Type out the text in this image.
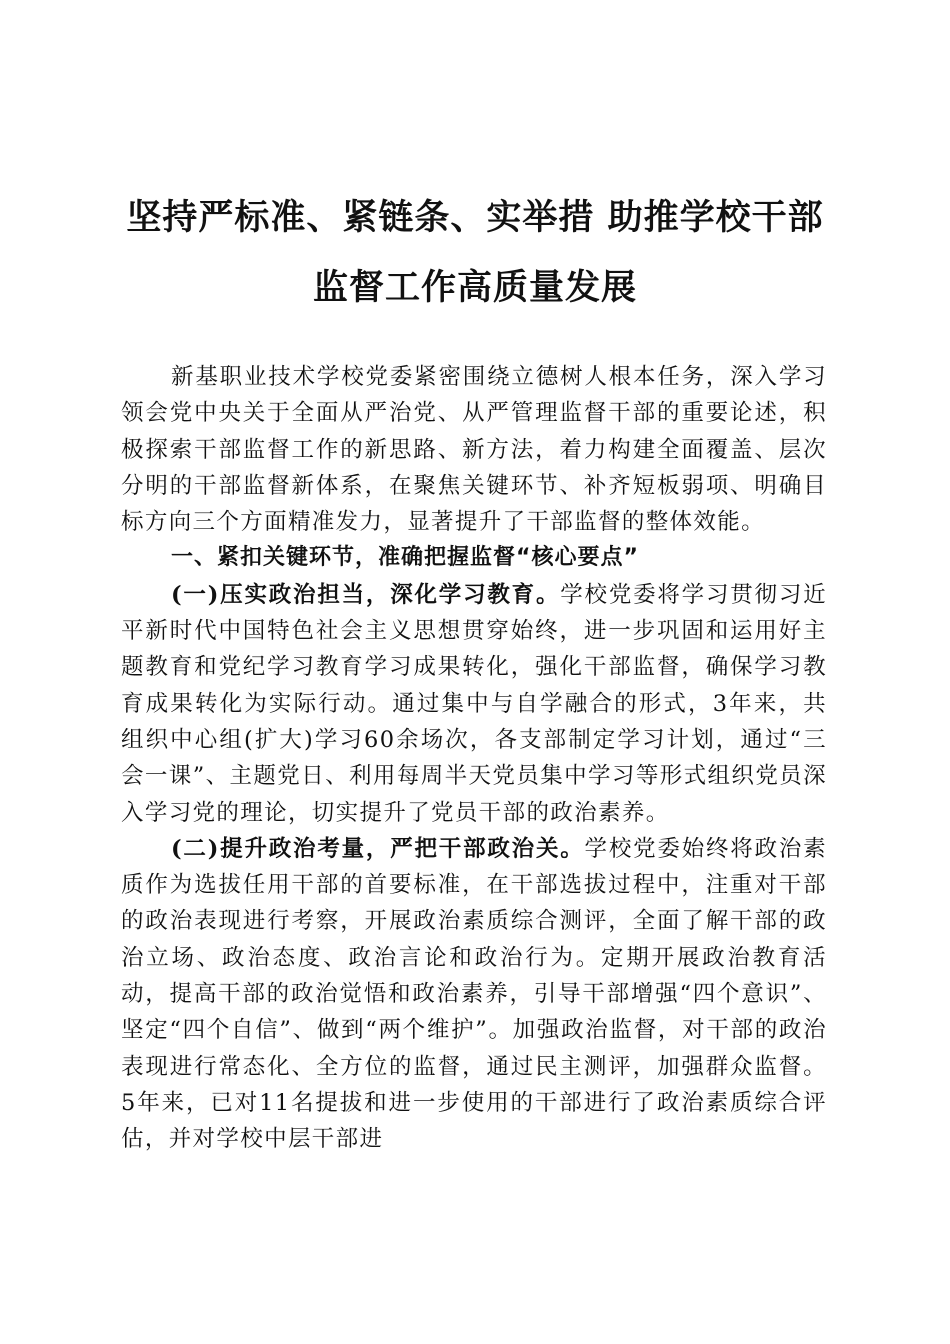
坚持严标准、紧链条、实举措 助推学校干部
监督工作高质量发展

新基职业技术学校党委紧密围绕立德树人根本任务，深入学习领会党中央关于全面从严治党、从严管理监督干部的重要论述，积极探索干部监督工作的新思路、新方法，着力构建全面覆盖、层次分明的干部监督新体系，在聚焦关键环节、补齐短板弱项、明确目标方向三个方面精准发力，显著提升了干部监督的整体效能。

一、紧扣关键环节，准确把握监督“核心要点”

(一)压实政治担当，深化学习教育。学校党委将学习贯彻习近平新时代中国特色社会主义思想贯穿始终，进一步巩固和运用好主题教育和党纪学习教育学习成果转化，强化干部监督，确保学习教育成果转化为实际行动。通过集中与自学融合的形式，3年来，共组织中心组(扩大)学习60余场次，各支部制定学习计划，通过“三会一课”、主题党日、利用每周半天党员集中学习等形式组织党员深入学习党的理论，切实提升了党员干部的政治素养。

(二)提升政治考量，严把干部政治关。学校党委始终将政治素质作为选拔任用干部的首要标准，在干部选拔过程中，注重对干部的政治表现进行考察，开展政治素质综合测评，全面了解干部的政治立场、政治态度、政治言论和政治行为。定期开展政治教育活动，提高干部的政治觉悟和政治素养，引导干部增强“四个意识”、坚定“四个自信”、做到“两个维护”。加强政治监督，对干部的政治表现进行常态化、全方位的监督，通过民主测评，加强群众监督。5年来，已对11名提拔和进一步使用的干部进行了政治素质综合评估，并对学校中层干部进
